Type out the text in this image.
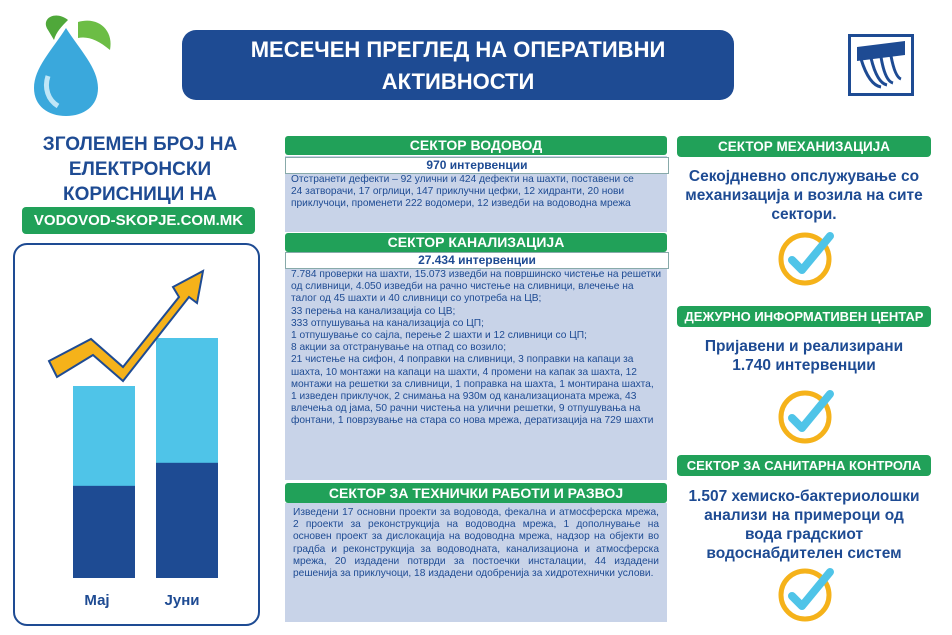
МЕСЕЧЕН ПРЕГЛЕД НА ОПЕРАТИВНИ АКТИВНОСТИ
ЈУНИ, 2020 ГОДИНА
ЗГОЛЕМЕН БРОЈ НА
ЕЛЕКТРОНСКИ
КОРИСНИЦИ НА
VODOVOD-SKOPJE.COM.MK
Мај	Јуни
СЕКТОР ВОДОВОД
970 интервенции
Отстранети дефекти – 92 улични и 424 дефекти на шахти, поставени се 24 затворачи, 17 огрлици, 147 приклучни цефки, 12 хидранти, 20 нови приклучоци, променети 222 водомери, 12 изведби на водоводна мрежа
СЕКТОР КАНАЛИЗАЦИЈА
27.434 интервенции
7.784 проверки на шахти, 15.073 изведби на површинско чистење на решетки од сливници, 4.050 изведби на рачно чистење на сливници, влечење на талог од 45 шахти и 40 сливници со употреба на ЦВ;
33 перења на канализација со ЦВ;
333 отпушувања на канализација со ЦП;
1 отпушување со сајла, перење 2 шахти и 12 сливници со ЦП;
8 акции за отстранување на отпад со возило;
21 чистење на сифон, 4 поправки на сливници, 3 поправки на капаци за шахта, 10 монтажи на капаци на шахти, 4 промени на капак за шахта, 12 монтажи на решетки за сливници, 1 поправка на шахта, 1 монтирана шахта, 1 изведен приклучок, 2 снимања на 930м од канализационата мрежа, 43 влечења од јама, 50 рачни чистења на улични решетки, 9 отпушувања на фонтани, 1 поврзување на стара со нова мрежа, дератизација на 729 шахти
СЕКТОР ЗА ТЕХНИЧКИ РАБОТИ И РАЗВОЈ
Изведени 17 основни проекти за водовода, фекална и атмосферска мрежа, 2 проекти за реконструкција на водоводна мрежа, 1 дополнување на основен проект за дислокација на водоводна мрежа, надзор на објекти во градба и реконструкција за водоводната, канализациона и атмосферска мрежа, 20 издадени потврди за постоечки инсталации, 44 издадени решенија за приклучоци, 18 издадени одобренија за хидротехнички услови.
СЕКТОР МЕХАНИЗАЦИЈА
Секојдневно опслужување со механизација и возила на сите сектори.
ДЕЖУРНО ИНФОРМАТИВЕН ЦЕНТАР
Пријавени и реализирани 1.740 интервенции
СЕКТОР ЗА САНИТАРНА КОНТРОЛА
1.507 хемиско-бактериолошки анализи на примероци од вода градскиот водоснабдителен систем
